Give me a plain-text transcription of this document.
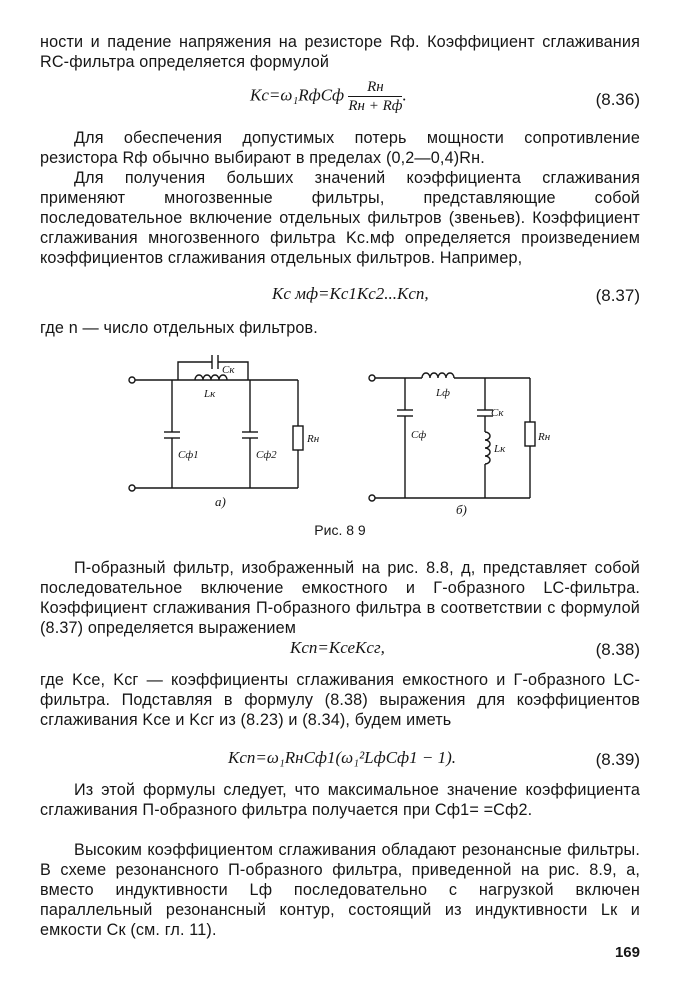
ности и падение напряжения на резисторе Rф. Коэффициент сглаживания RC-фильтра определяется формулой

Kс=ω₁RфCф $\frac{Rн}{Rн + Rф}$ .	(8.36)

Для обеспечения допустимых потерь мощности сопротивление резистора Rф обычно выбирают в пределах (0,2—0,4)Rн.

Для получения больших значений коэффициента сглаживания применяют многозвенные фильтры, представляющие собой последовательное включение отдельных фильтров (звеньев). Коэффициент сглаживания многозвенного фильтра Kс.мф определяется произведением коэффициентов сглаживания отдельных фильтров. Например,

Kс мф=Kс1Kс2...Kсn,	(8.37)

где n — число отдельных фильтров.

Cк
Lк
Cф1	Cф2
Rн
а)
Lф
Cф
Cк
Lк
Rн
б)
Рис. 8 9

П-образный фильтр, изображенный на рис. 8.8, д, представляет собой последовательное включение емкостного и Г-образного LC-фильтра. Коэффициент сглаживания П-образного фильтра в соответствии с формулой (8.37) определяется выражением

Kсп=KсеKсг,	(8.38)

где Kсе, Kсг — коэффициенты сглаживания емкостного и Г-образного LC-фильтра. Подставляя в формулу (8.38) выражения для коэффициентов сглаживания Kсе и Kсг из (8.23) и (8.34), будем иметь

Kсп=ω₁RнCф1(ω₁²LфCф1 − 1).	(8.39)

Из этой формулы следует, что максимальное значение коэффициента сглаживания П-образного фильтра получается при Cф1= =Cф2.

Высоким коэффициентом сглаживания обладают резонансные фильтры. В схеме резонансного П-образного фильтра, приведенной на рис. 8.9, а, вместо индуктивности Lф последовательно с нагрузкой включен параллельный резонансный контур, состоящий из индуктивности Lк и емкости Cк (см. гл. 11).

169
